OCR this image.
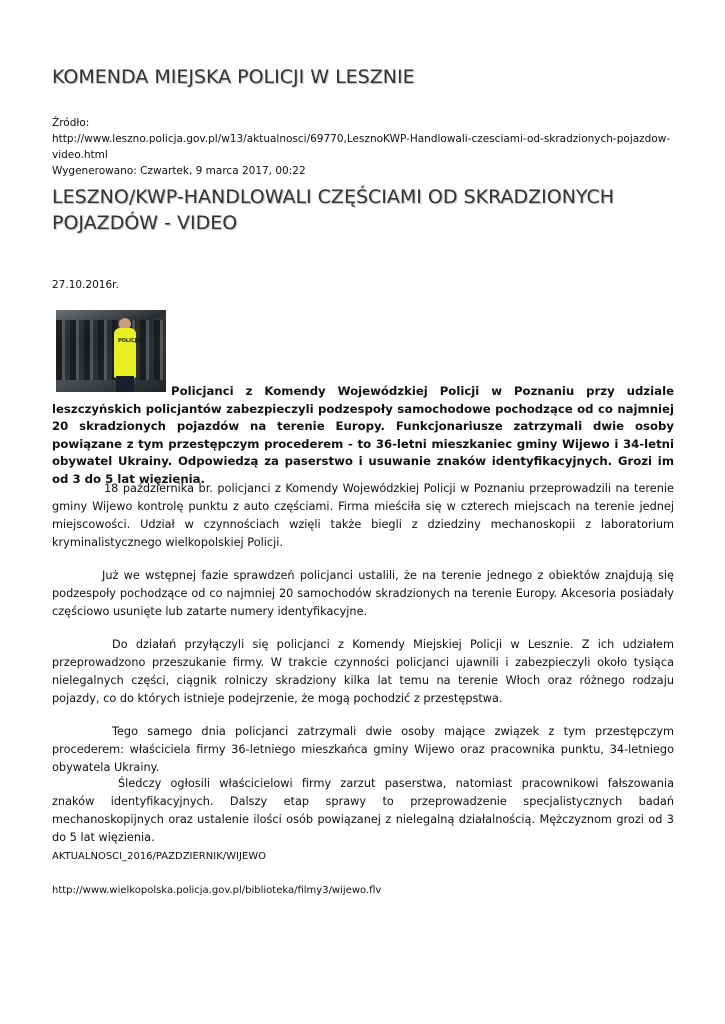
KOMENDA MIEJSKA POLICJI W LESZNIE
Źródło:
http://www.leszno.policja.gov.pl/w13/aktualnosci/69770,LesznoKWP-Handlowali-czesciami-od-skradzionych-pojazdow-video.html
Wygenerowano: Czwartek, 9 marca 2017, 00:22
LESZNO/KWP-HANDLOWALI CZĘŚCIAMI OD SKRADZIONYCH POJAZDÓW - VIDEO
27.10.2016r.
POLICJA

Policjanci z Komendy Wojewódzkiej Policji w Poznaniu przy udziale leszczyńskich policjantów zabezpieczyli podzespoły samochodowe pochodzące od co najmniej 20 skradzionych pojazdów na terenie Europy. Funkcjonariusze zatrzymali dwie osoby powiązane z tym przestępczym procederem - to 36-letni mieszkaniec gminy Wijewo i 34-letni obywatel Ukrainy. Odpowiedzą za paserstwo i usuwanie znaków identyfikacyjnych. Grozi im od 3 do 5 lat więzienia.

18 października br. policjanci z Komendy Wojewódzkiej Policji w Poznaniu przeprowadzili na terenie gminy Wijewo kontrolę punktu z auto częściami. Firma mieściła się w czterech miejscach na terenie jednej miejscowości. Udział w czynnościach wzięli także biegli z dziedziny mechanoskopii z laboratorium kryminalistycznego wielkopolskiej Policji.

Już we wstępnej fazie sprawdzeń policjanci ustalili, że na terenie jednego z obiektów znajdują się podzespoły pochodzące od co najmniej 20 samochodów skradzionych na terenie Europy. Akcesoria posiadały częściowo usunięte lub zatarte numery identyfikacyjne.

Do działań przyłączyli się policjanci z Komendy Miejskiej Policji w Lesznie. Z ich udziałem przeprowadzono przeszukanie firmy. W trakcie czynności policjanci ujawnili i zabezpieczyli około tysiąca nielegalnych części, ciągnik rolniczy skradziony kilka lat temu na terenie Włoch oraz różnego rodzaju pojazdy, co do których istnieje podejrzenie, że mogą pochodzić z przestępstwa.

Tego samego dnia policjanci zatrzymali dwie osoby mające związek z tym przestępczym procederem: właściciela firmy 36-letniego mieszkańca gminy Wijewo oraz pracownika punktu, 34-letniego obywatela Ukrainy.

Śledczy ogłosili właścicielowi firmy zarzut paserstwa, natomiast pracownikowi fałszowania znaków identyfikacyjnych. Dalszy etap sprawy to przeprowadzenie specjalistycznych badań mechanoskopijnych oraz ustalenie ilości osób powiązanej z nielegalną działalnością. Mężczyznom grozi od 3 do 5 lat więzienia.

AKTUALNOSCI_2016/PAZDZIERNIK/WIJEWO
http://www.wielkopolska.policja.gov.pl/biblioteka/filmy3/wijewo.flv
